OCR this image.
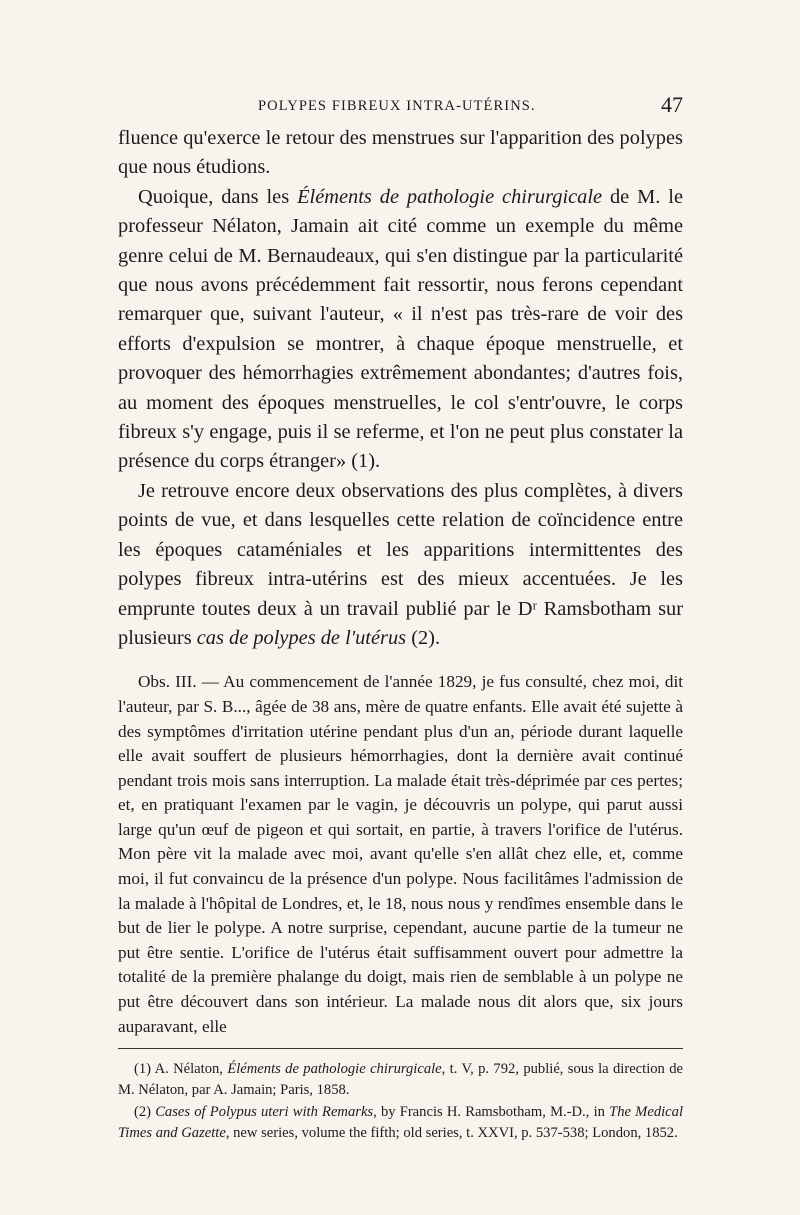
POLYPES FIBREUX INTRA-UTÉRINS.	47

fluence qu'exerce le retour des menstrues sur l'apparition des polypes que nous étudions.

Quoique, dans les Éléments de pathologie chirurgicale de M. le professeur Nélaton, Jamain ait cité comme un exemple du même genre celui de M. Bernaudeaux, qui s'en distingue par la particularité que nous avons précédemment fait ressortir, nous ferons cependant remarquer que, suivant l'auteur, « il n'est pas très-rare de voir des efforts d'expulsion se montrer, à chaque époque menstruelle, et provoquer des hémorrhagies extrêmement abondantes; d'autres fois, au moment des époques menstruelles, le col s'entr'ouvre, le corps fibreux s'y engage, puis il se referme, et l'on ne peut plus constater la présence du corps étranger» (1).

Je retrouve encore deux observations des plus complètes, à divers points de vue, et dans lesquelles cette relation de coïncidence entre les époques cataméniales et les apparitions intermittentes des polypes fibreux intra-utérins est des mieux accentuées. Je les emprunte toutes deux à un travail publié par le Dʳ Ramsbotham sur plusieurs cas de polypes de l'utérus (2).

Obs. III. — Au commencement de l'année 1829, je fus consulté, chez moi, dit l'auteur, par S. B..., âgée de 38 ans, mère de quatre enfants. Elle avait été sujette à des symptômes d'irritation utérine pendant plus d'un an, période durant laquelle elle avait souffert de plusieurs hémorrhagies, dont la dernière avait continué pendant trois mois sans interruption. La malade était très-déprimée par ces pertes; et, en pratiquant l'examen par le vagin, je découvris un polype, qui parut aussi large qu'un œuf de pigeon et qui sortait, en partie, à travers l'orifice de l'utérus. Mon père vit la malade avec moi, avant qu'elle s'en allât chez elle, et, comme moi, il fut convaincu de la présence d'un polype. Nous facilitâmes l'admission de la malade à l'hôpital de Londres, et, le 18, nous nous y rendîmes ensemble dans le but de lier le polype. A notre surprise, cependant, aucune partie de la tumeur ne put être sentie. L'orifice de l'utérus était suffisamment ouvert pour admettre la totalité de la première phalange du doigt, mais rien de semblable à un polype ne put être découvert dans son intérieur. La malade nous dit alors que, six jours auparavant, elle

(1) A. Nélaton, Éléments de pathologie chirurgicale, t. V, p. 792, publié, sous la direction de M. Nélaton, par A. Jamain; Paris, 1858.

(2) Cases of Polypus uteri with Remarks, by Francis H. Ramsbotham, M.-D., in The Medical Times and Gazette, new series, volume the fifth; old series, t. XXVI, p. 537-538; London, 1852.
